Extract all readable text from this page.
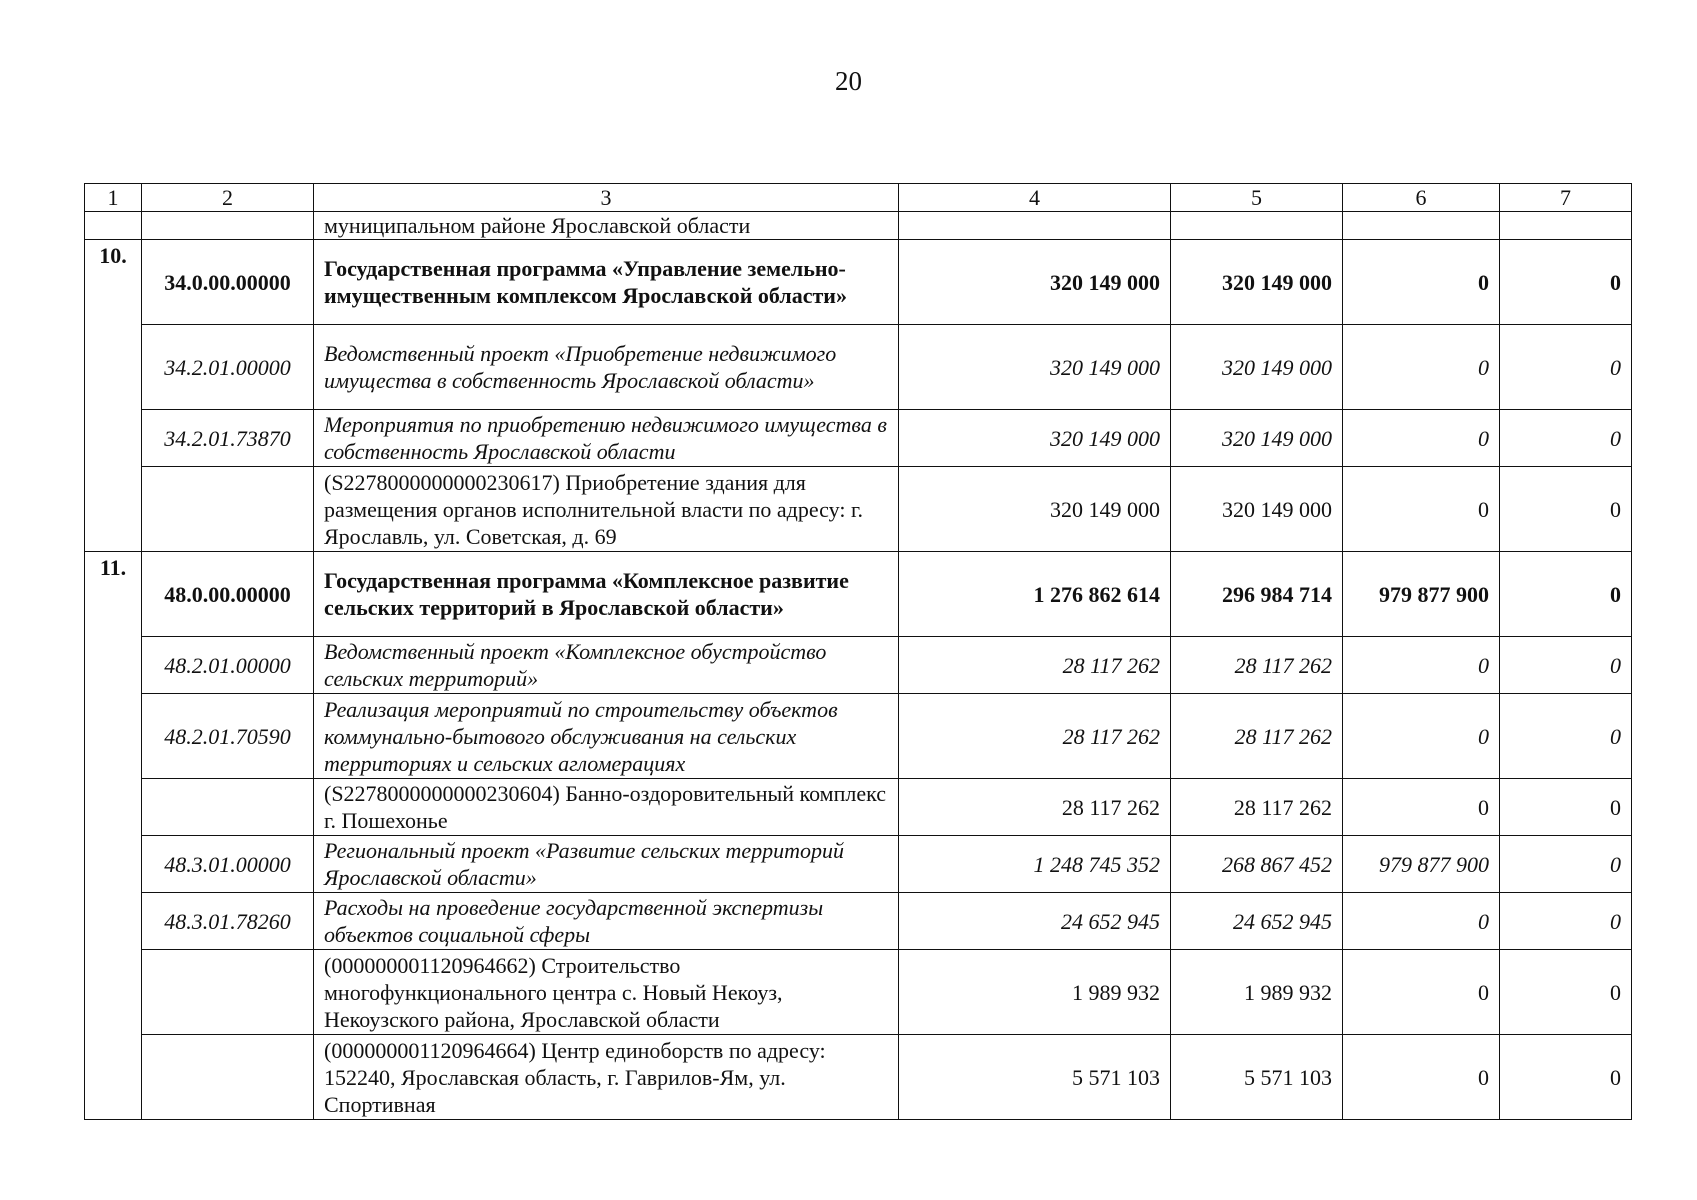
20
1	2	3	4	5	6	7
		муниципальном районе Ярославской области				
10.	34.0.00.00000	Государственная программа «Управление земельно-имущественным комплексом Ярославской области»	320 149 000	320 149 000	0	0
	34.2.01.00000	Ведомственный проект «Приобретение недвижимого имущества в собственность Ярославской области»	320 149 000	320 149 000	0	0
	34.2.01.73870	Мероприятия по приобретению недвижимого имущества в собственность Ярославской области	320 149 000	320 149 000	0	0
		(S2278000000000230617) Приобретение здания для размещения органов исполнительной власти по адресу: г. Ярославль, ул. Советская, д. 69	320 149 000	320 149 000	0	0
11.	48.0.00.00000	Государственная программа «Комплексное развитие сельских территорий в Ярославской области»	1 276 862 614	296 984 714	979 877 900	0
	48.2.01.00000	Ведомственный проект «Комплексное обустройство сельских территорий»	28 117 262	28 117 262	0	0
	48.2.01.70590	Реализация мероприятий по строительству объектов коммунально-бытового обслуживания на сельских территориях и сельских агломерациях	28 117 262	28 117 262	0	0
		(S2278000000000230604) Банно-оздоровительный комплекс г. Пошехонье	28 117 262	28 117 262	0	0
	48.3.01.00000	Региональный проект «Развитие сельских территорий Ярославской области»	1 248 745 352	268 867 452	979 877 900	0
	48.3.01.78260	Расходы на проведение государственной экспертизы объектов социальной сферы	24 652 945	24 652 945	0	0
		(000000001120964662) Строительство многофункционального центра с. Новый Некоуз, Некоузского района, Ярославской области	1 989 932	1 989 932	0	0
		(000000001120964664) Центр единоборств по адресу: 152240, Ярославская область, г. Гаврилов-Ям, ул. Спортивная	5 571 103	5 571 103	0	0
